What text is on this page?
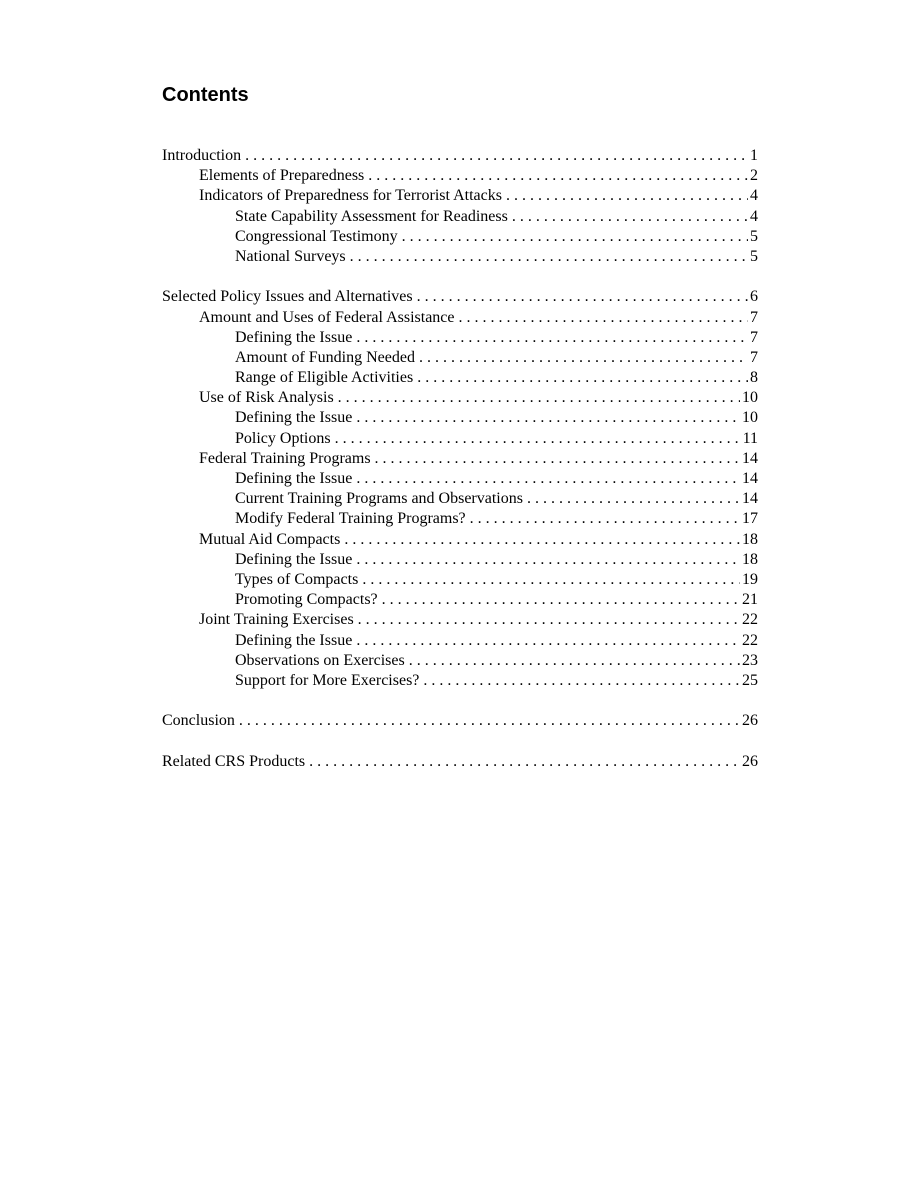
Contents
Introduction . . .	1
Elements of Preparedness . . .	2
Indicators of Preparedness for Terrorist Attacks . . .	4
State Capability Assessment for Readiness . . .	4
Congressional Testimony . . .	5
National Surveys . . .	5
Selected Policy Issues and Alternatives . . .	6
Amount and Uses of Federal Assistance . . .	7
Defining the Issue . . .	7
Amount of Funding Needed . . .	7
Range of Eligible Activities . . .	8
Use of Risk Analysis . . .	10
Defining the Issue . . .	10
Policy Options . . .	11
Federal Training Programs . . .	14
Defining the Issue . . .	14
Current Training Programs and Observations . . .	14
Modify Federal Training Programs? . . .	17
Mutual Aid Compacts . . .	18
Defining the Issue . . .	18
Types of Compacts . . .	19
Promoting Compacts? . . .	21
Joint Training Exercises . . .	22
Defining the Issue . . .	22
Observations on Exercises . . .	23
Support for More Exercises? . . .	25
Conclusion . . .	26
Related CRS Products . . .	26
